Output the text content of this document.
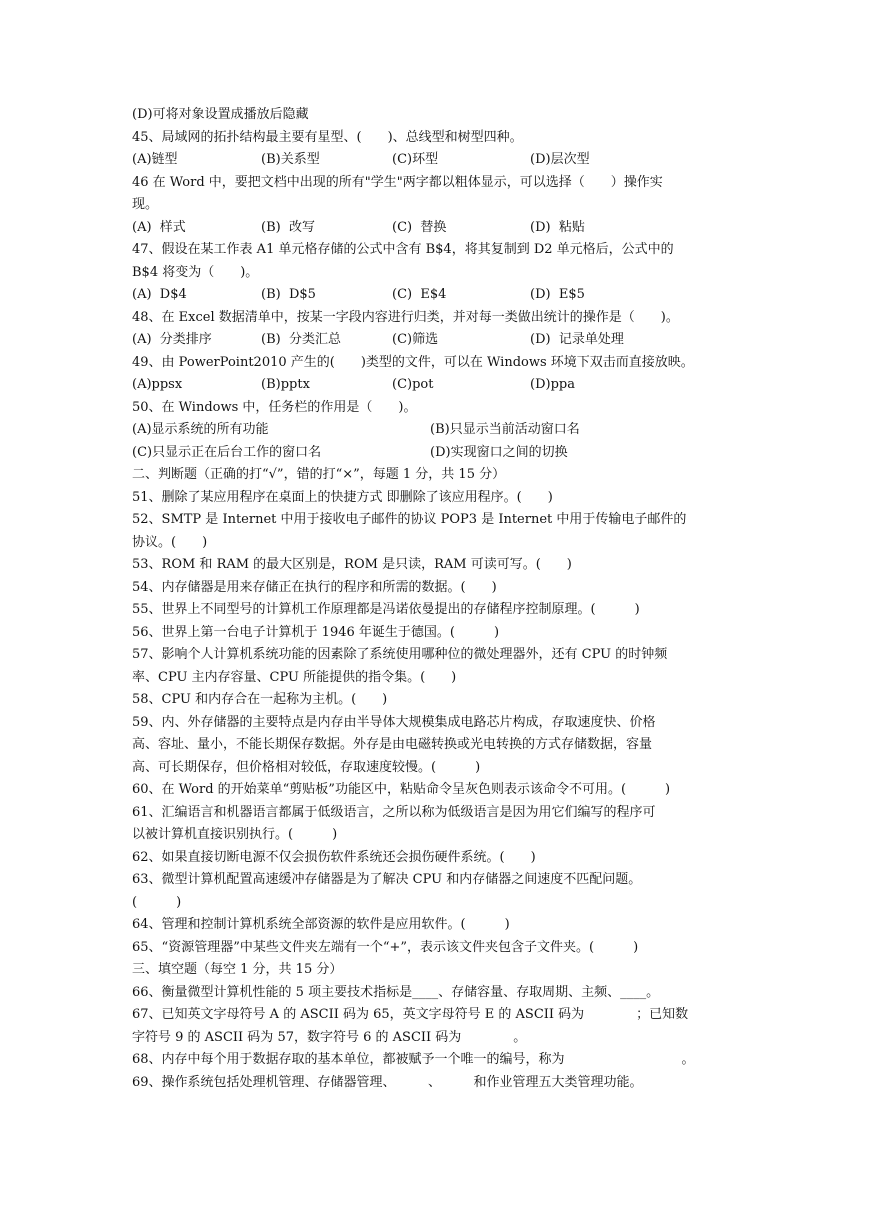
(D)可将对象设置成播放后隐藏
45、局域网的拓扑结构最主要有星型、(　　)、总线型和树型四种。
(A)链型	(B)关系型	(C)环型	(D)层次型
46 在 Word 中，要把文档中出现的所有"学生"两字都以粗体显示，可以选择（　　）操作实
现。
(A)  样式	(B)  改写	(C)  替换	(D)  粘贴
47、假设在某工作表 A1 单元格存储的公式中含有 B$4，将其复制到 D2 单元格后，公式中的
B$4 将变为（　　)。
(A)  D$4	(B)  D$5	(C)  E$4	(D)  E$5
48、在 Excel 数据清单中，按某一字段内容进行归类，并对每一类做出统计的操作是（　　)。
(A)  分类排序	(B)  分类汇总	(C)筛选	(D)  记录单处理
49、由 PowerPoint2010 产生的(　　)类型的文件，可以在 Windows 环境下双击而直接放映。
(A)ppsx	(B)pptx	(C)pot	(D)ppa
50、在 Windows 中，任务栏的作用是（　　)。
(A)显示系统的所有功能	(B)只显示当前活动窗口名
(C)只显示正在后台工作的窗口名	(D)实现窗口之间的切换
二、判断题（正确的打“√”，错的打“×”，每题 1 分，共 15 分）
51、删除了某应用程序在桌面上的快捷方式 即删除了该应用程序。(　　)
52、SMTP 是 Internet 中用于接收电子邮件的协议 POP3 是 Internet 中用于传输电子邮件的
协议。(　　)
53、ROM 和 RAM 的最大区别是，ROM 是只读，RAM 可读可写。(　　)
54、内存储器是用来存储正在执行的程序和所需的数据。(　　)
55、世界上不同型号的计算机工作原理都是冯诺依曼提出的存储程序控制原理。(　　　)
56、世界上第一台电子计算机于 1946 年诞生于德国。(　　　)
57、影响个人计算机系统功能的因素除了系统使用哪种位的微处理器外，还有 CPU 的时钟频
率、CPU 主内存容量、CPU 所能提供的指令集。(　　)
58、CPU 和内存合在一起称为主机。(　　)
59、内、外存储器的主要特点是内存由半导体大规模集成电路芯片构成，存取速度快、价格
高、容址、量小，不能长期保存数据。外存是由电磁转换或光电转换的方式存储数据，容量
高、可长期保存，但价格相对较低，存取速度较慢。(　　　)
60、在 Word 的开始菜单“剪贴板”功能区中，粘贴命令呈灰色则表示该命令不可用。(　　　)
61、汇编语言和机器语言都属于低级语言，之所以称为低级语言是因为用它们编写的程序可
以被计算机直接识别执行。(　　　)
62、如果直接切断电源不仅会损伤软件系统还会损伤硬件系统。(　　)
63、微型计算机配置高速缓冲存储器是为了解决 CPU 和内存储器之间速度不匹配问题。
(　　　)
64、管理和控制计算机系统全部资源的软件是应用软件。(　　　)
65、“资源管理器”中某些文件夹左端有一个“+”，表示该文件夹包含子文件夹。(　　　)
三、填空题（每空 1 分，共 15 分）
66、衡量微型计算机性能的 5 项主要技术指标是____、存储容量、存取周期、主频、____。
67、已知英文字母符号 A 的 ASCII 码为 65，英文字母符号 E 的 ASCII 码为　　　　；已知数
字符号 9 的 ASCII 码为 57，数字符号 6 的 ASCII 码为　　　　。
68、内存中每个用于数据存取的基本单位，都被赋予一个唯一的编号，称为　　　　　　　　　。
69、操作系统包括处理机管理、存储器管理、　　　、　　　和作业管理五大类管理功能。
